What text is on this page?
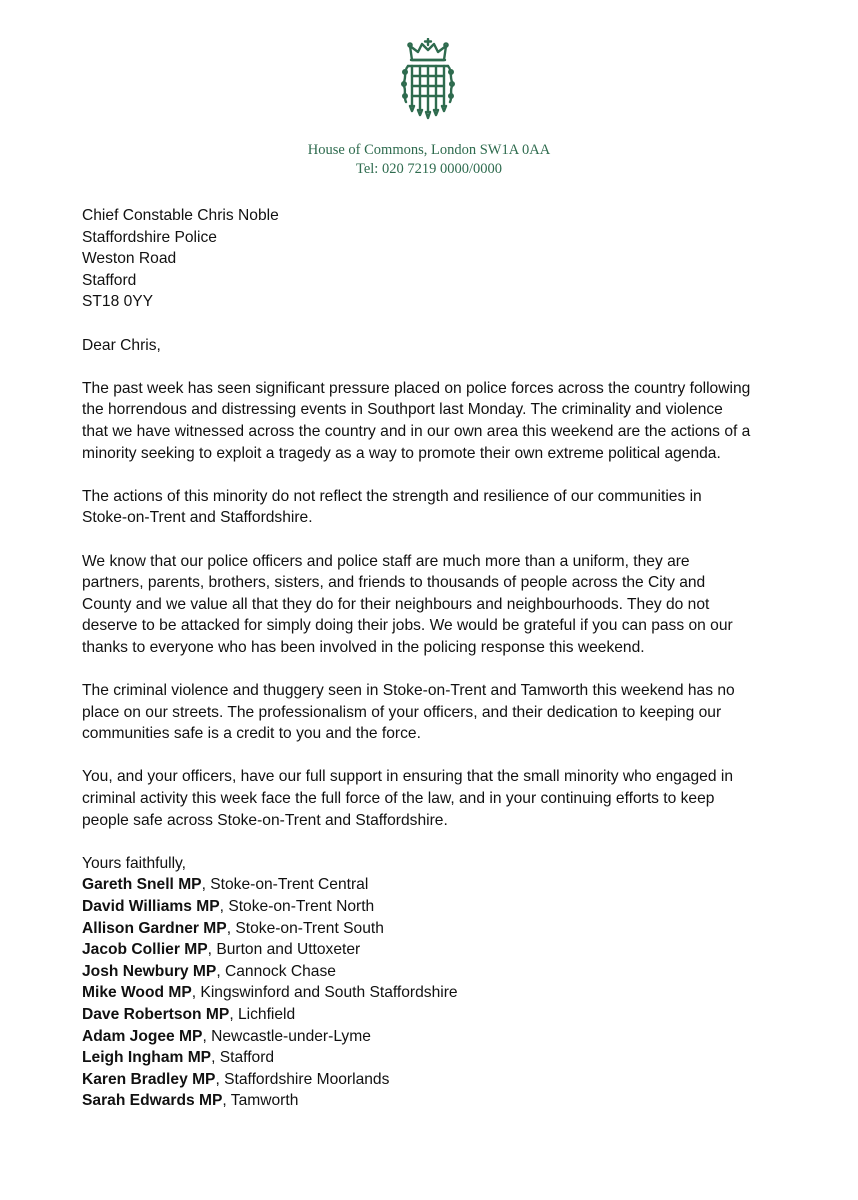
House of Commons, London SW1A 0AA
Tel: 020 7219 0000/0000
Chief Constable Chris Noble
Staffordshire Police
Weston Road
Stafford
ST18 0YY
Dear Chris,
The past week has seen significant pressure placed on police forces across the country following
the horrendous and distressing events in Southport last Monday. The criminality and violence
that we have witnessed across the country and in our own area this weekend are the actions of a
minority seeking to exploit a tragedy as a way to promote their own extreme political agenda.
The actions of this minority do not reflect the strength and resilience of our communities in
Stoke-on-Trent and Staffordshire.
We know that our police officers and police staff are much more than a uniform, they are
partners, parents, brothers, sisters, and friends to thousands of people across the City and
County and we value all that they do for their neighbours and neighbourhoods. They do not
deserve to be attacked for simply doing their jobs. We would be grateful if you can pass on our
thanks to everyone who has been involved in the policing response this weekend.
The criminal violence and thuggery seen in Stoke-on-Trent and Tamworth this weekend has no
place on our streets. The professionalism of your officers, and their dedication to keeping our
communities safe is a credit to you and the force.
You, and your officers, have our full support in ensuring that the small minority who engaged in
criminal activity this week face the full force of the law, and in your continuing efforts to keep
people safe across Stoke-on-Trent and Staffordshire.
Yours faithfully,
Gareth Snell MP, Stoke-on-Trent Central
David Williams MP, Stoke-on-Trent North
Allison Gardner MP, Stoke-on-Trent South
Jacob Collier MP, Burton and Uttoxeter
Josh Newbury MP, Cannock Chase
Mike Wood MP, Kingswinford and South Staffordshire
Dave Robertson MP, Lichfield
Adam Jogee MP, Newcastle-under-Lyme
Leigh Ingham MP, Stafford
Karen Bradley MP, Staffordshire Moorlands
Sarah Edwards MP, Tamworth
